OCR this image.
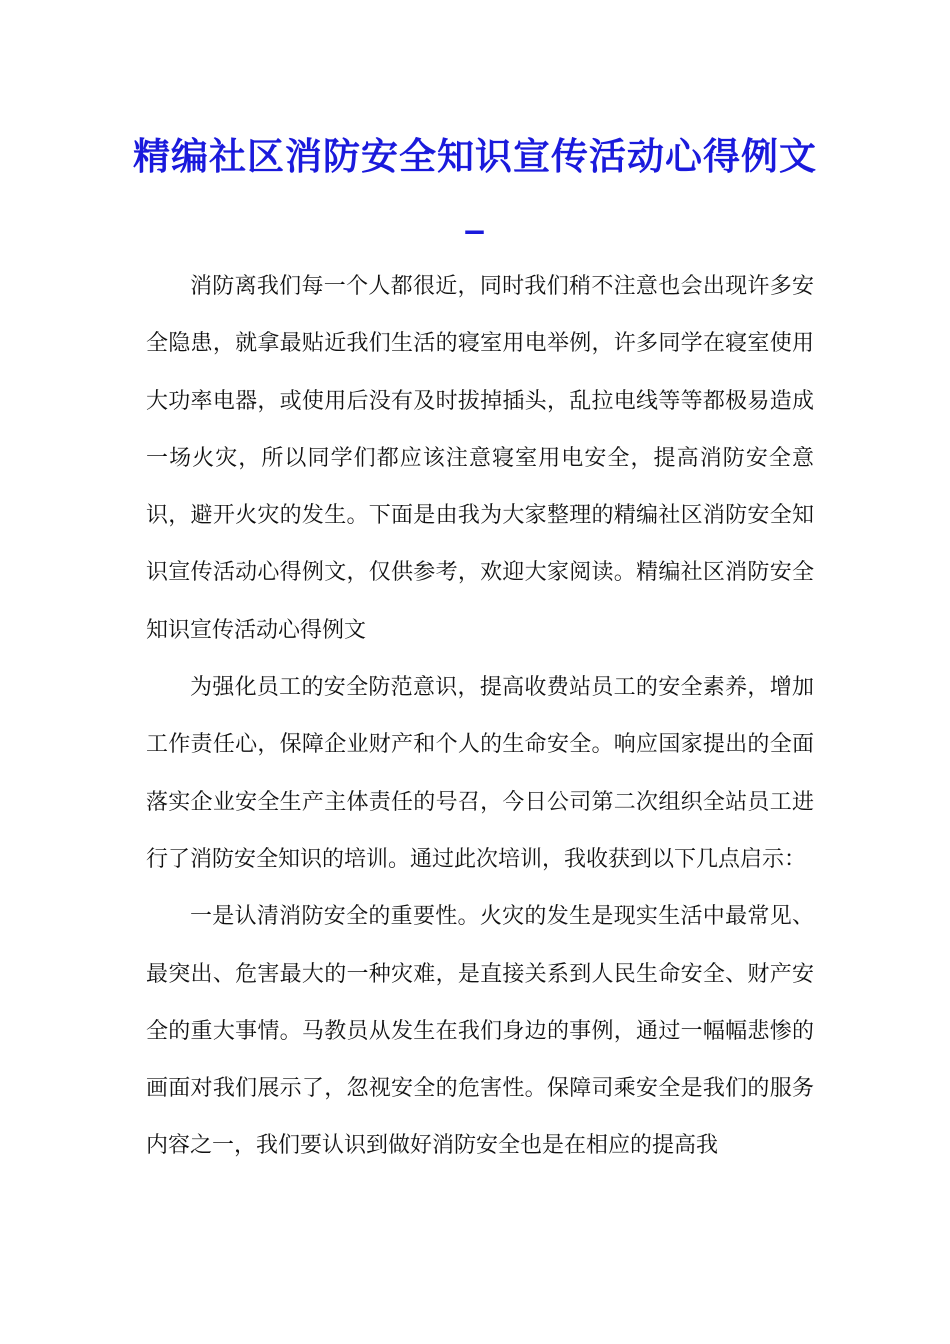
精编社区消防安全知识宣传活动心得例文_

消防离我们每一个人都很近，同时我们稍不注意也会出现许多安全隐患，就拿最贴近我们生活的寝室用电举例，许多同学在寝室使用大功率电器，或使用后没有及时拔掉插头，乱拉电线等等都极易造成一场火灾，所以同学们都应该注意寝室用电安全，提高消防安全意识，避开火灾的发生。下面是由我为大家整理的精编社区消防安全知识宣传活动心得例文，仅供参考，欢迎大家阅读。精编社区消防安全知识宣传活动心得例文

为强化员工的安全防范意识，提高收费站员工的安全素养，增加工作责任心，保障企业财产和个人的生命安全。响应国家提出的全面落实企业安全生产主体责任的号召，今日公司第二次组织全站员工进行了消防安全知识的培训。通过此次培训，我收获到以下几点启示：

一是认清消防安全的重要性。火灾的发生是现实生活中最常见、最突出、危害最大的一种灾难，是直接关系到人民生命安全、财产安全的重大事情。马教员从发生在我们身边的事例，通过一幅幅悲惨的画面对我们展示了，忽视安全的危害性。保障司乘安全是我们的服务内容之一，我们要认识到做好消防安全也是在相应的提高我
